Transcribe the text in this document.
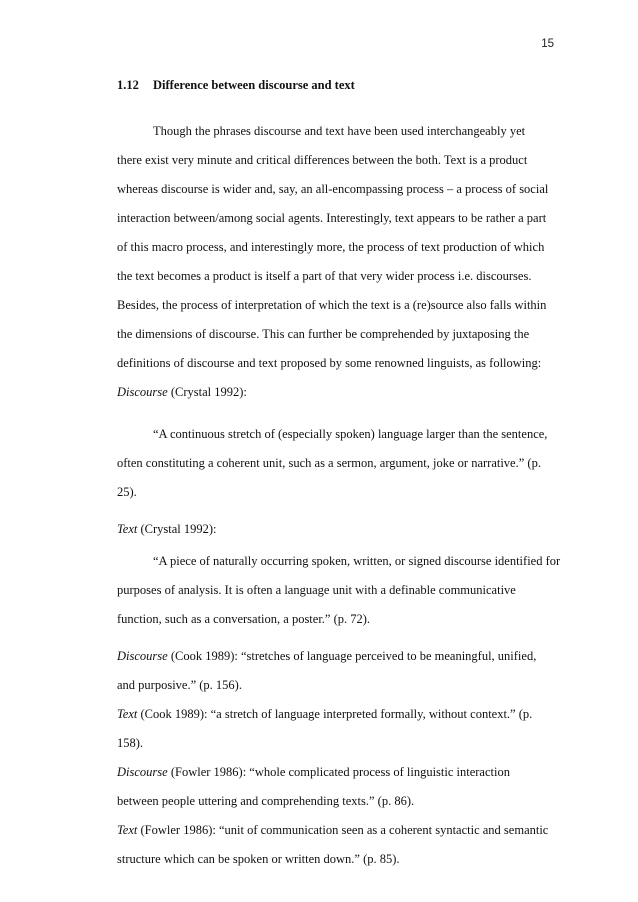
15
1.12 Difference between discourse and text

Though the phrases discourse and text have been used interchangeably yet

there exist very minute and critical differences between the both. Text is a product

whereas discourse is wider and, say, an all-encompassing process – a process of social

interaction between/among social agents. Interestingly, text appears to be rather a part

of this macro process, and interestingly more, the process of text production of which

the text becomes a product is itself a part of that very wider process i.e. discourses.

Besides, the process of interpretation of which the text is a (re)source also falls within

the dimensions of discourse. This can further be comprehended by juxtaposing the

definitions of discourse and text proposed by some renowned linguists, as following:

Discourse (Crystal 1992):

“A continuous stretch of (especially spoken) language larger than the sentence, often constituting a coherent unit, such as a sermon, argument, joke or narrative.” (p. 25).

Text (Crystal 1992):

“A piece of naturally occurring spoken, written, or signed discourse identified for purposes of analysis. It is often a language unit with a definable communicative function, such as a conversation, a poster.” (p. 72).

Discourse (Cook 1989): “stretches of language perceived to be meaningful, unified,

and purposive.” (p. 156).

Text (Cook 1989): “a stretch of language interpreted formally, without context.” (p.

158).

Discourse (Fowler 1986): “whole complicated process of linguistic interaction

between people uttering and comprehending texts.” (p. 86).

Text (Fowler 1986): “unit of communication seen as a coherent syntactic and semantic

structure which can be spoken or written down.” (p. 85).
